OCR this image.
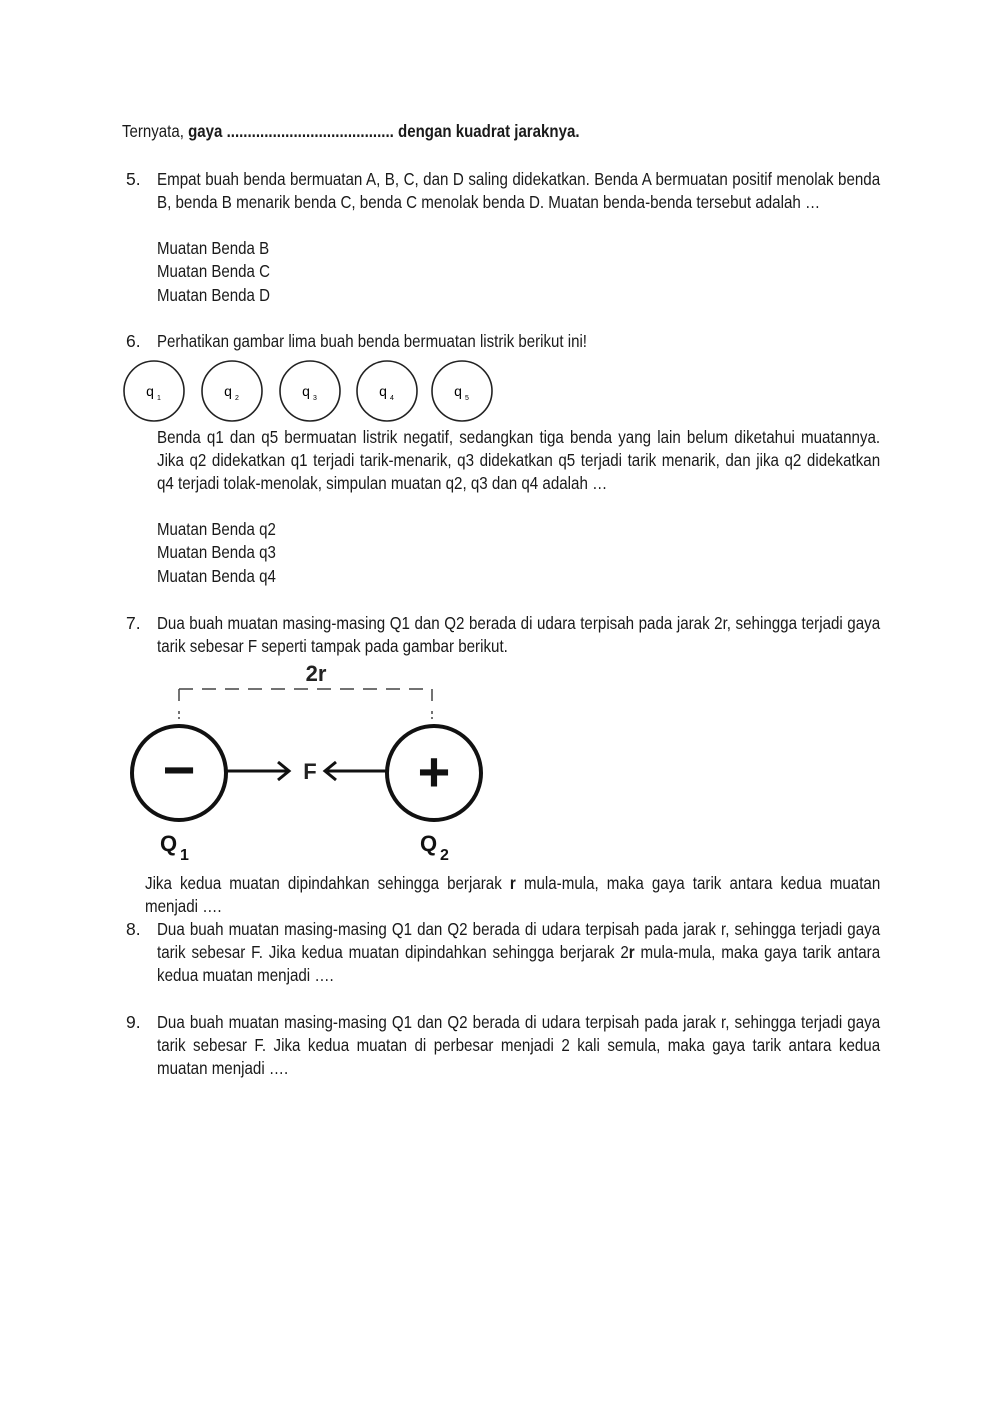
Ternyata, gaya ........................................ dengan kuadrat jaraknya.
5. Empat buah benda bermuatan A, B, C, dan D saling didekatkan. Benda A bermuatan positif menolak benda B, benda B menarik benda C, benda C menolak benda D. Muatan benda-benda tersebut adalah …
Muatan Benda B
Muatan Benda C
Muatan Benda D
6. Perhatikan gambar lima buah benda bermuatan listrik berikut ini!
q 1	q 2	q 3	q 4	q 5
Benda q1 dan q5 bermuatan listrik negatif, sedangkan tiga benda yang lain belum diketahui muatannya. Jika q2 didekatkan q1 terjadi tarik-menarik, q3 didekatkan q5 terjadi tarik menarik, dan jika q2 didekatkan q4 terjadi tolak-menolak, simpulan muatan q2, q3 dan q4 adalah …
Muatan Benda q2
Muatan Benda q3
Muatan Benda q4
7. Dua buah muatan masing-masing Q1 dan Q2 berada di udara terpisah pada jarak 2r, sehingga terjadi gaya tarik sebesar F seperti tampak pada gambar berikut.
2r
−	+
F
Q 1	Q 2
Jika kedua muatan dipindahkan sehingga berjarak r mula-mula, maka gaya tarik antara kedua muatan menjadi ….
8. Dua buah muatan masing-masing Q1 dan Q2 berada di udara terpisah pada jarak r, sehingga terjadi gaya tarik sebesar F. Jika kedua muatan dipindahkan sehingga berjarak 2r mula-mula, maka gaya tarik antara kedua muatan menjadi ….
9. Dua buah muatan masing-masing Q1 dan Q2 berada di udara terpisah pada jarak r, sehingga terjadi gaya tarik sebesar F. Jika kedua muatan di perbesar menjadi 2 kali semula, maka gaya tarik antara kedua muatan menjadi ….
